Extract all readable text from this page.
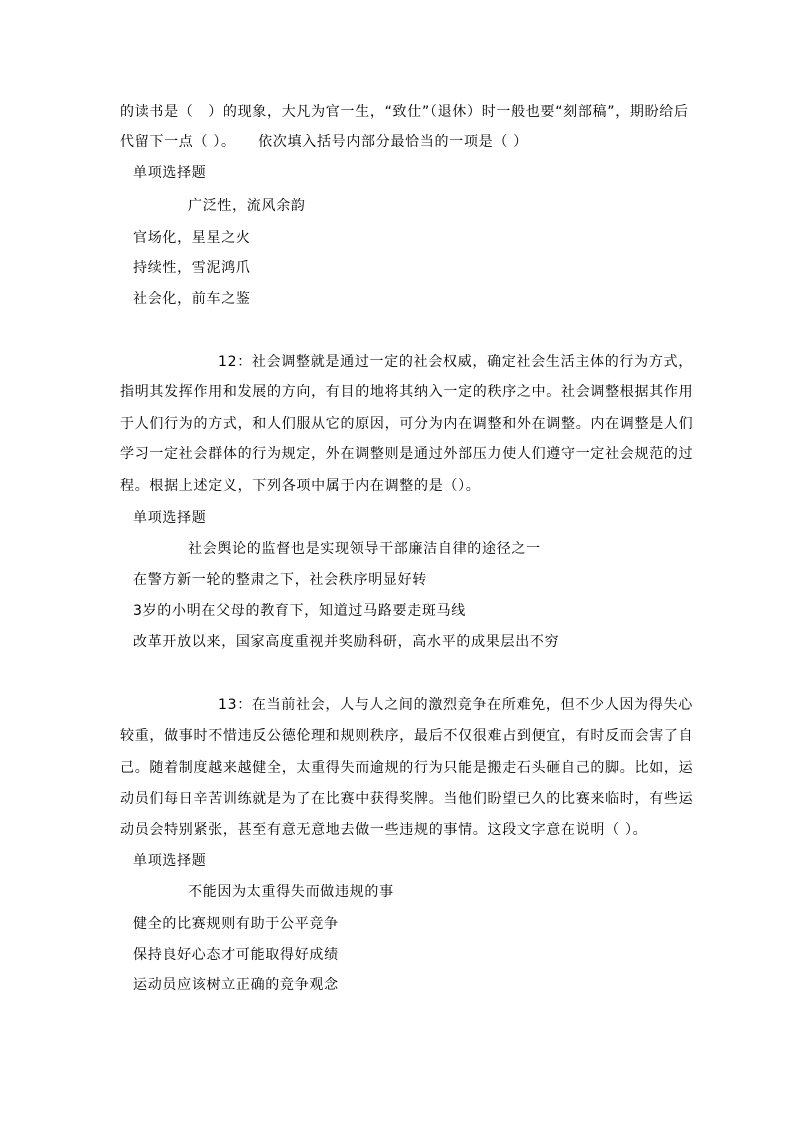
的读书是（　）的现象，大凡为官一生，“致仕”（退休）时一般也要“刻部稿”，期盼给后
代留下一点（ ）。　　依次填入括号内部分最恰当的一项是（ ）
单项选择题
广泛性，流风余韵
官场化，星星之火
持续性，雪泥鸿爪
社会化，前车之鉴
12：社会调整就是通过一定的社会权威，确定社会生活主体的行为方式，
指明其发挥作用和发展的方向，有目的地将其纳入一定的秩序之中。社会调整根据其作用
于人们行为的方式，和人们服从它的原因，可分为内在调整和外在调整。内在调整是人们
学习一定社会群体的行为规定，外在调整则是通过外部压力使人们遵守一定社会规范的过
程。根据上述定义，下列各项中属于内在调整的是（）。
单项选择题
社会舆论的监督也是实现领导干部廉洁自律的途径之一
在警方新一轮的整肃之下，社会秩序明显好转
3岁的小明在父母的教育下，知道过马路要走斑马线
改革开放以来，国家高度重视并奖励科研，高水平的成果层出不穷
13：在当前社会，人与人之间的激烈竞争在所难免，但不少人因为得失心
较重，做事时不惜违反公德伦理和规则秩序，最后不仅很难占到便宜，有时反而会害了自
己。随着制度越来越健全，太重得失而逾规的行为只能是搬走石头砸自己的脚。比如，运
动员们每日辛苦训练就是为了在比赛中获得奖牌。当他们盼望已久的比赛来临时，有些运
动员会特别紧张，甚至有意无意地去做一些违规的事情。这段文字意在说明（ ）。
单项选择题
不能因为太重得失而做违规的事
健全的比赛规则有助于公平竞争
保持良好心态才可能取得好成绩
运动员应该树立正确的竞争观念
